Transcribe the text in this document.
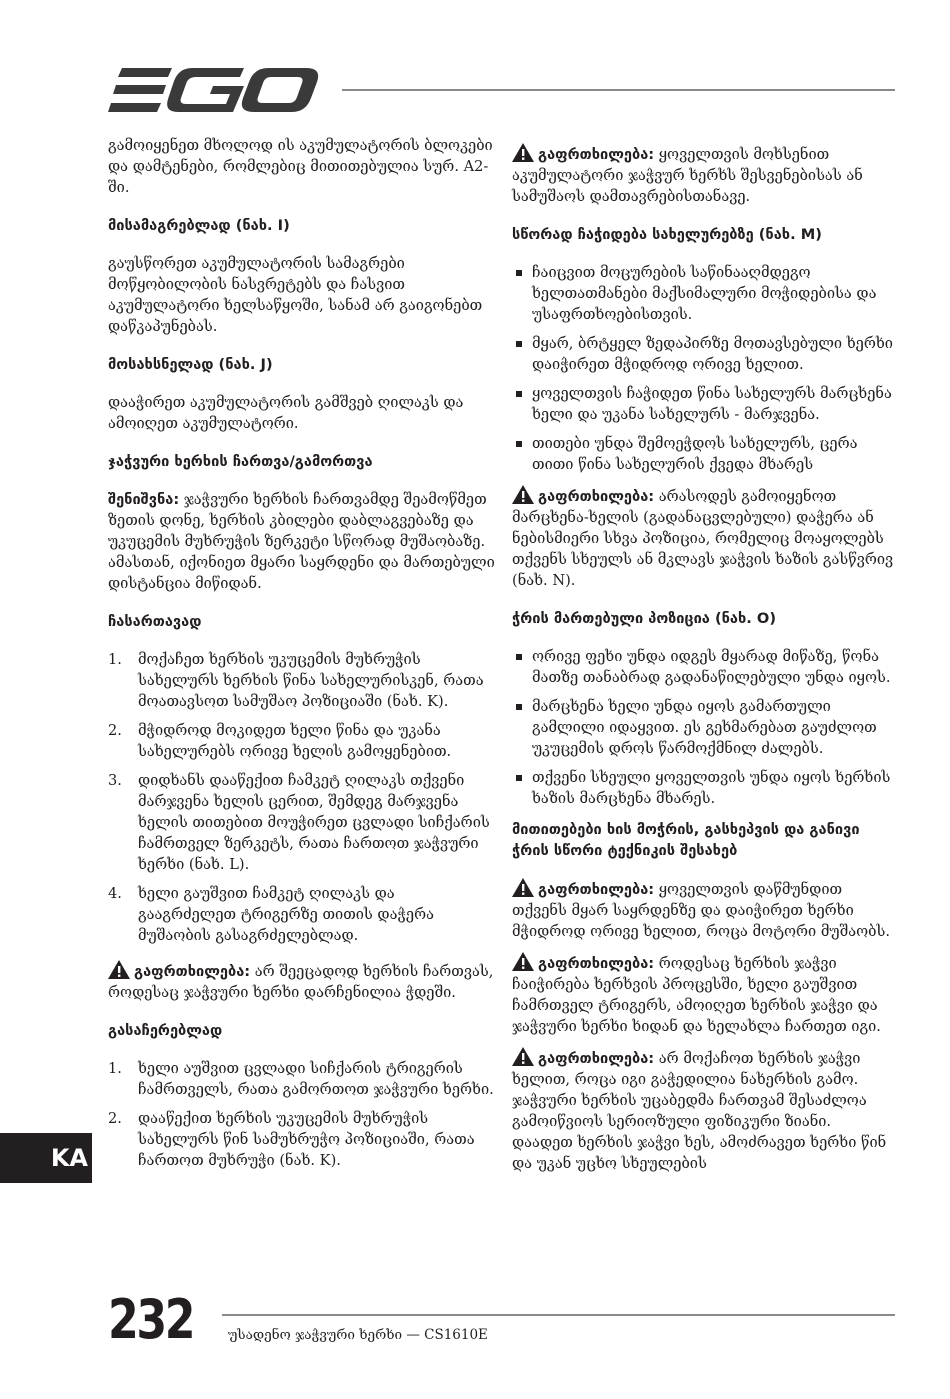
EGO

გამოიყენეთ მხოლოდ ის აკუმულატორის ბლოკები და დამტენები, რომლებიც მითითებულია სურ. A2-ში.

მისამაგრებლად (ნახ. I)

გაუსწორეთ აკუმულატორის სამაგრები მოწყობილობის ნასვრეტებს და ჩასვით აკუმულატორი ხელსაწყოში, სანამ არ გაიგონებთ დაწკაპუნებას.

მოსახსნელად (ნახ. J)

დააჭირეთ აკუმულატორის გამშვებ ღილაკს და ამოიღეთ აკუმულატორი.

ჯაჭვური ხერხის ჩართვა/გამორთვა

შენიშვნა: ჯაჭვური ხერხის ჩართვამდე შეამოწმეთ ზეთის დონე, ხერხის კბილები დაბლაგვებაზე და უკუცემის მუხრუჭის ზერკეტი სწორად მუშაობაზე. ამასთან, იქონიეთ მყარი საყრდენი და მართებული დისტანცია მიწიდან.

ჩასართავად
1. მოქაჩეთ ხერხის უკუცემის მუხრუჭის სახელურს ხერხის წინა სახელურისკენ, რათა მოათავსოთ სამუშაო პოზიციაში (ნახ. K).
2. მჭიდროდ მოკიდეთ ხელი წინა და უკანა სახელურებს ორივე ხელის გამოყენებით.
3. დიდხანს დააწექით ჩამკეტ ღილაკს თქვენი მარჯვენა ხელის ცერით, შემდეგ მარჯვენა ხელის თითებით მოუჭირეთ ცვლადი სიჩქარის ჩამრთველ ზერკეტს, რათა ჩართოთ ჯაჭვური ხერხი (ნახ. L).
4. ხელი გაუშვით ჩამკეტ ღილაკს და გააგრძელეთ ტრიგერზე თითის დაჭერა მუშაობის გასაგრძელებლად.

გაფრთხილება: არ შეეცადოდ ხერხის ჩართვას, როდესაც ჯაჭვური ხერხი დარჩენილია ჭდეში.

გასაჩერებლად
1. ხელი აუშვით ცვლადი სიჩქარის ტრიგერის ჩამრთველს, რათა გამორთოთ ჯაჭვური ხერხი.
2. დააწექით ხერხის უკუცემის მუხრუჭის სახელურს წინ სამუხრუჭო პოზიციაში, რათა ჩართოთ მუხრუჭი (ნახ. K).

გაფრთხილება: ყოველთვის მოხსენით აკუმულატორი ჯაჭვურ ხერხს შესვენებისას ან სამუშაოს დამთავრებისთანავე.

სწორად ჩაჭიდება სახელურებზე (ნახ. M)
ჩაიცვით მოცურების საწინააღმდეგო ხელთათმანები მაქსიმალური მოჭიდებისა და უსაფრთხოებისთვის.
მყარ, ბრტყელ ზედაპირზე მოთავსებული ხერხი დაიჭირეთ მჭიდროდ ორივე ხელით.
ყოველთვის ჩაჭიდეთ წინა სახელურს მარცხენა ხელი და უკანა სახელურს - მარჯვენა.
თითები უნდა შემოეჭდოს სახელურს, ცერა თითი წინა სახელურის ქვედა მხარეს

გაფრთხილება: არასოდეს გამოიყენოთ მარცხენა-ხელის (გადანაცვლებული) დაჭერა ან ნებისმიერი სხვა პოზიცია, რომელიც მოაყოლებს თქვენს სხეულს ან მკლავს ჯაჭვის ხაზის გასწვრივ (ნახ. N).

ჭრის მართებული პოზიცია (ნახ. O)
ორივე ფეხი უნდა იდგეს მყარად მიწაზე, წონა მათზე თანაბრად გადანაწილებული უნდა იყოს.
მარცხენა ხელი უნდა იყოს გამართული გამლილი იდაყვით. ეს გეხმარებათ გაუძლოთ უკუცემის დროს წარმოქმნილ ძალებს.
თქვენი სხეული ყოველთვის უნდა იყოს ხერხის ხაზის მარცხენა მხარეს.
მითითებები ხის მოჭრის, გასხეპვის და განივი ჭრის სწორი ტექნიკის შესახებ

გაფრთხილება: ყოველთვის დაწმუნდით თქვენს მყარ საყრდენზე და დაიჭირეთ ხერხი მჭიდროდ ორივე ხელით, როცა მოტორი მუშაობს.

გაფრთხილება: როდესაც ხერხის ჯაჭვი ჩაიჭირება ხერხვის პროცესში, ხელი გაუშვით ჩამრთველ ტრიგერს, ამოიღეთ ხერხის ჯაჭვი და ჯაჭვური ხერხი ხიდან და ხელახლა ჩართეთ იგი.

გაფრთხილება: არ მოქაჩოთ ხერხის ჯაჭვი ხელით, როცა იგი გაჭედილია ნახერხის გამო. ჯაჭვური ხერხის უცაბედმა ჩართვამ შესაძლოა გამოიწვიოს სერიოზული ფიზიკური ზიანი. დაადეთ ხერხის ჯაჭვი ხეს, ამოძრავეთ ხერხი წინ და უკან უცხო სხეულების

KA
232	უსადენო ჯაჭვური ხერხი — CS1610E
